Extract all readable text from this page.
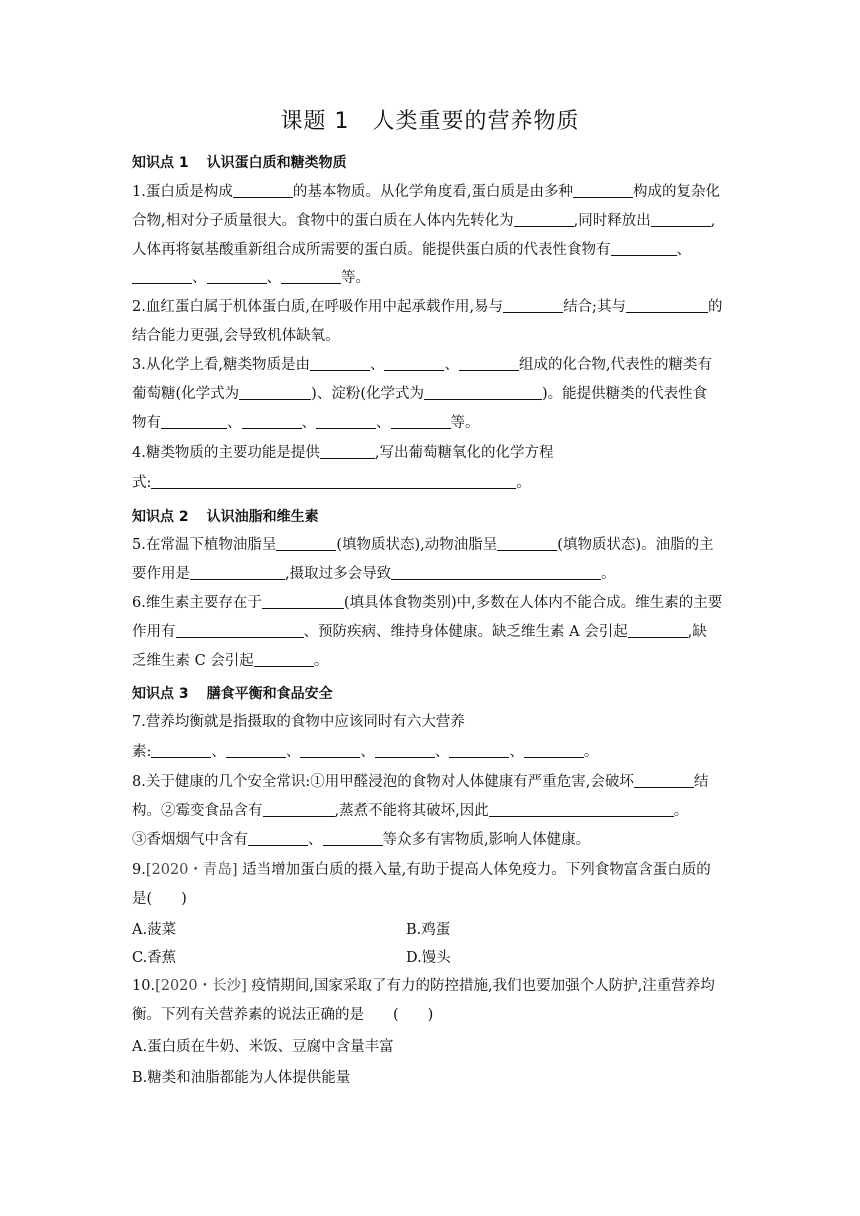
课题 1　人类重要的营养物质
知识点 1 认识蛋白质和糖类物质
1.蛋白质是构成	的基本物质。从化学角度看,蛋白质是由多种	构成的复杂化
合物,相对分子质量很大。食物中的蛋白质在人体内先转化为	,同时释放出	,
人体再将氨基酸重新组合成所需要的蛋白质。能提供蛋白质的代表性食物有	、
、	、	等。
2.血红蛋白属于机体蛋白质,在呼吸作用中起承载作用,易与	结合;其与	的
结合能力更强,会导致机体缺氧。
3.从化学上看,糖类物质是由	、	、	组成的化合物,代表性的糖类有
葡萄糖(化学式为	)、淀粉(化学式为	)。能提供糖类的代表性食
物有	、	、	、	等。
4.糖类物质的主要功能是提供	,写出葡萄糖氧化的化学方程
式:	。
知识点 2 认识油脂和维生素
5.在常温下植物油脂呈	(填物质状态),动物油脂呈	(填物质状态)。油脂的主
要作用是	,摄取过多会导致	。
6.维生素主要存在于	(填具体食物类别)中,多数在人体内不能合成。维生素的主要
作用有	、预防疾病、维持身体健康。缺乏维生素 A 会引起	,缺
乏维生素 C 会引起	。
知识点 3 膳食平衡和食品安全
7.营养均衡就是指摄取的食物中应该同时有六大营养
素:	、	、	、	、	、	。
8.关于健康的几个安全常识:①用甲醛浸泡的食物对人体健康有严重危害,会破坏	结
构。②霉变食品含有	,蒸煮不能将其破坏,因此	。
③香烟烟气中含有	、	等众多有害物质,影响人体健康。
9.[2020・青岛] 适当增加蛋白质的摄入量,有助于提高人体免疫力。下列食物富含蛋白质的
是(　　)
A.菠菜	B.鸡蛋
C.香蕉	D.馒头
10.[2020・长沙] 疫情期间,国家采取了有力的防控措施,我们也要加强个人防护,注重营养均
衡。下列有关营养素的说法正确的是　　(　　)
A.蛋白质在牛奶、米饭、豆腐中含量丰富
B.糖类和油脂都能为人体提供能量
